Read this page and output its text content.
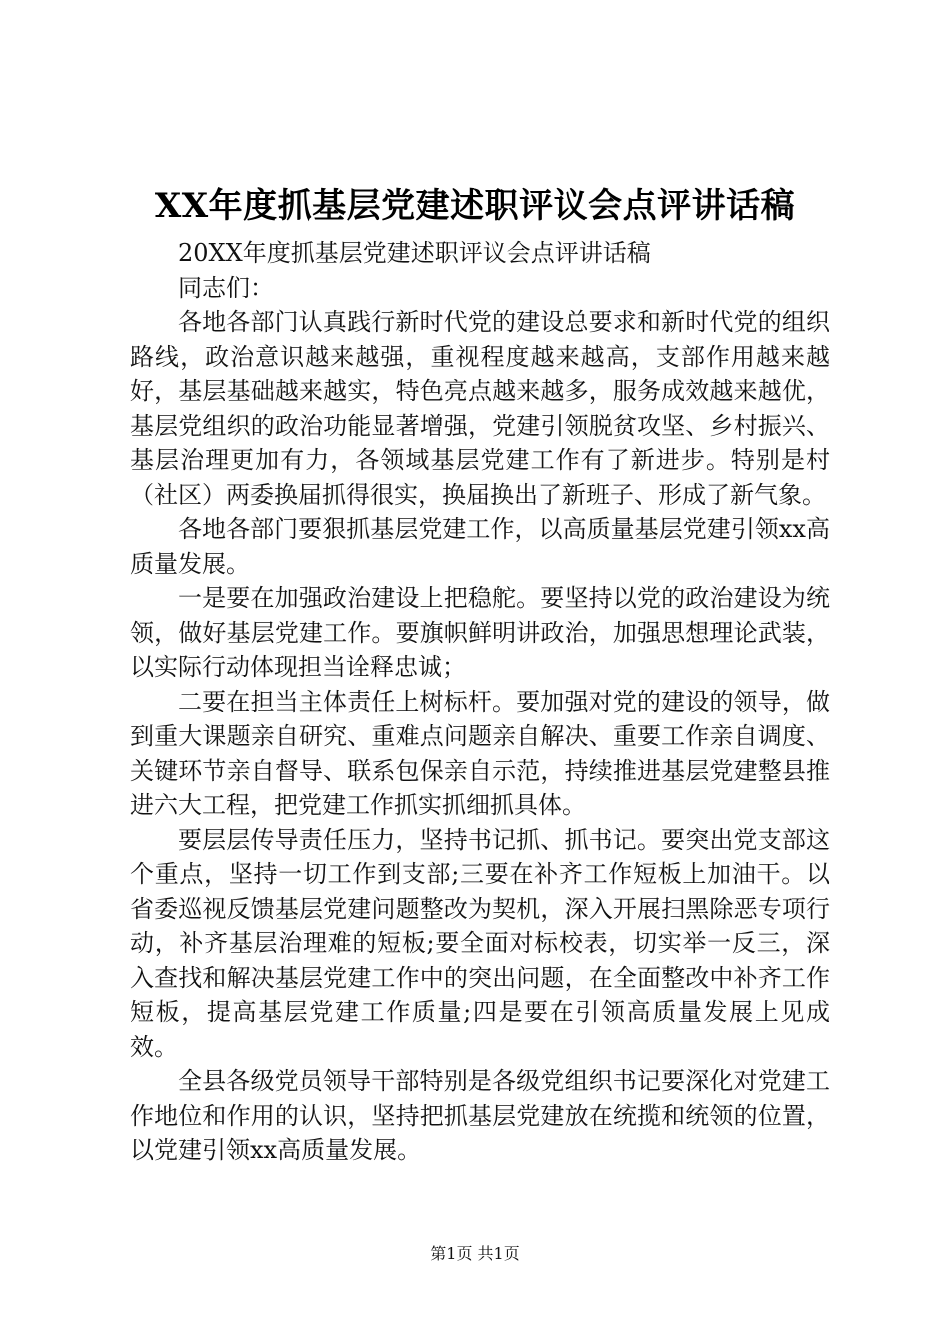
XX年度抓基层党建述职评议会点评讲话稿

20XX年度抓基层党建述职评议会点评讲话稿

同志们：

各地各部门认真践行新时代党的建设总要求和新时代党的组织路线，政治意识越来越强，重视程度越来越高，支部作用越来越好，基层基础越来越实，特色亮点越来越多，服务成效越来越优，基层党组织的政治功能显著增强，党建引领脱贫攻坚、乡村振兴、基层治理更加有力，各领域基层党建工作有了新进步。特别是村（社区）两委换届抓得很实，换届换出了新班子、形成了新气象。

各地各部门要狠抓基层党建工作，以高质量基层党建引领xx高质量发展。

一是要在加强政治建设上把稳舵。要坚持以党的政治建设为统领，做好基层党建工作。要旗帜鲜明讲政治，加强思想理论武装，以实际行动体现担当诠释忠诚；

二要在担当主体责任上树标杆。要加强对党的建设的领导，做到重大课题亲自研究、重难点问题亲自解决、重要工作亲自调度、关键环节亲自督导、联系包保亲自示范，持续推进基层党建整县推进六大工程，把党建工作抓实抓细抓具体。

要层层传导责任压力，坚持书记抓、抓书记。要突出党支部这个重点，坚持一切工作到支部;三要在补齐工作短板上加油干。以省委巡视反馈基层党建问题整改为契机，深入开展扫黑除恶专项行动，补齐基层治理难的短板;要全面对标校表，切实举一反三，深入查找和解决基层党建工作中的突出问题，在全面整改中补齐工作短板，提高基层党建工作质量;四是要在引领高质量发展上见成效。

全县各级党员领导干部特别是各级党组织书记要深化对党建工作地位和作用的认识，坚持把抓基层党建放在统揽和统领的位置，以党建引领xx高质量发展。

第1页 共1页
